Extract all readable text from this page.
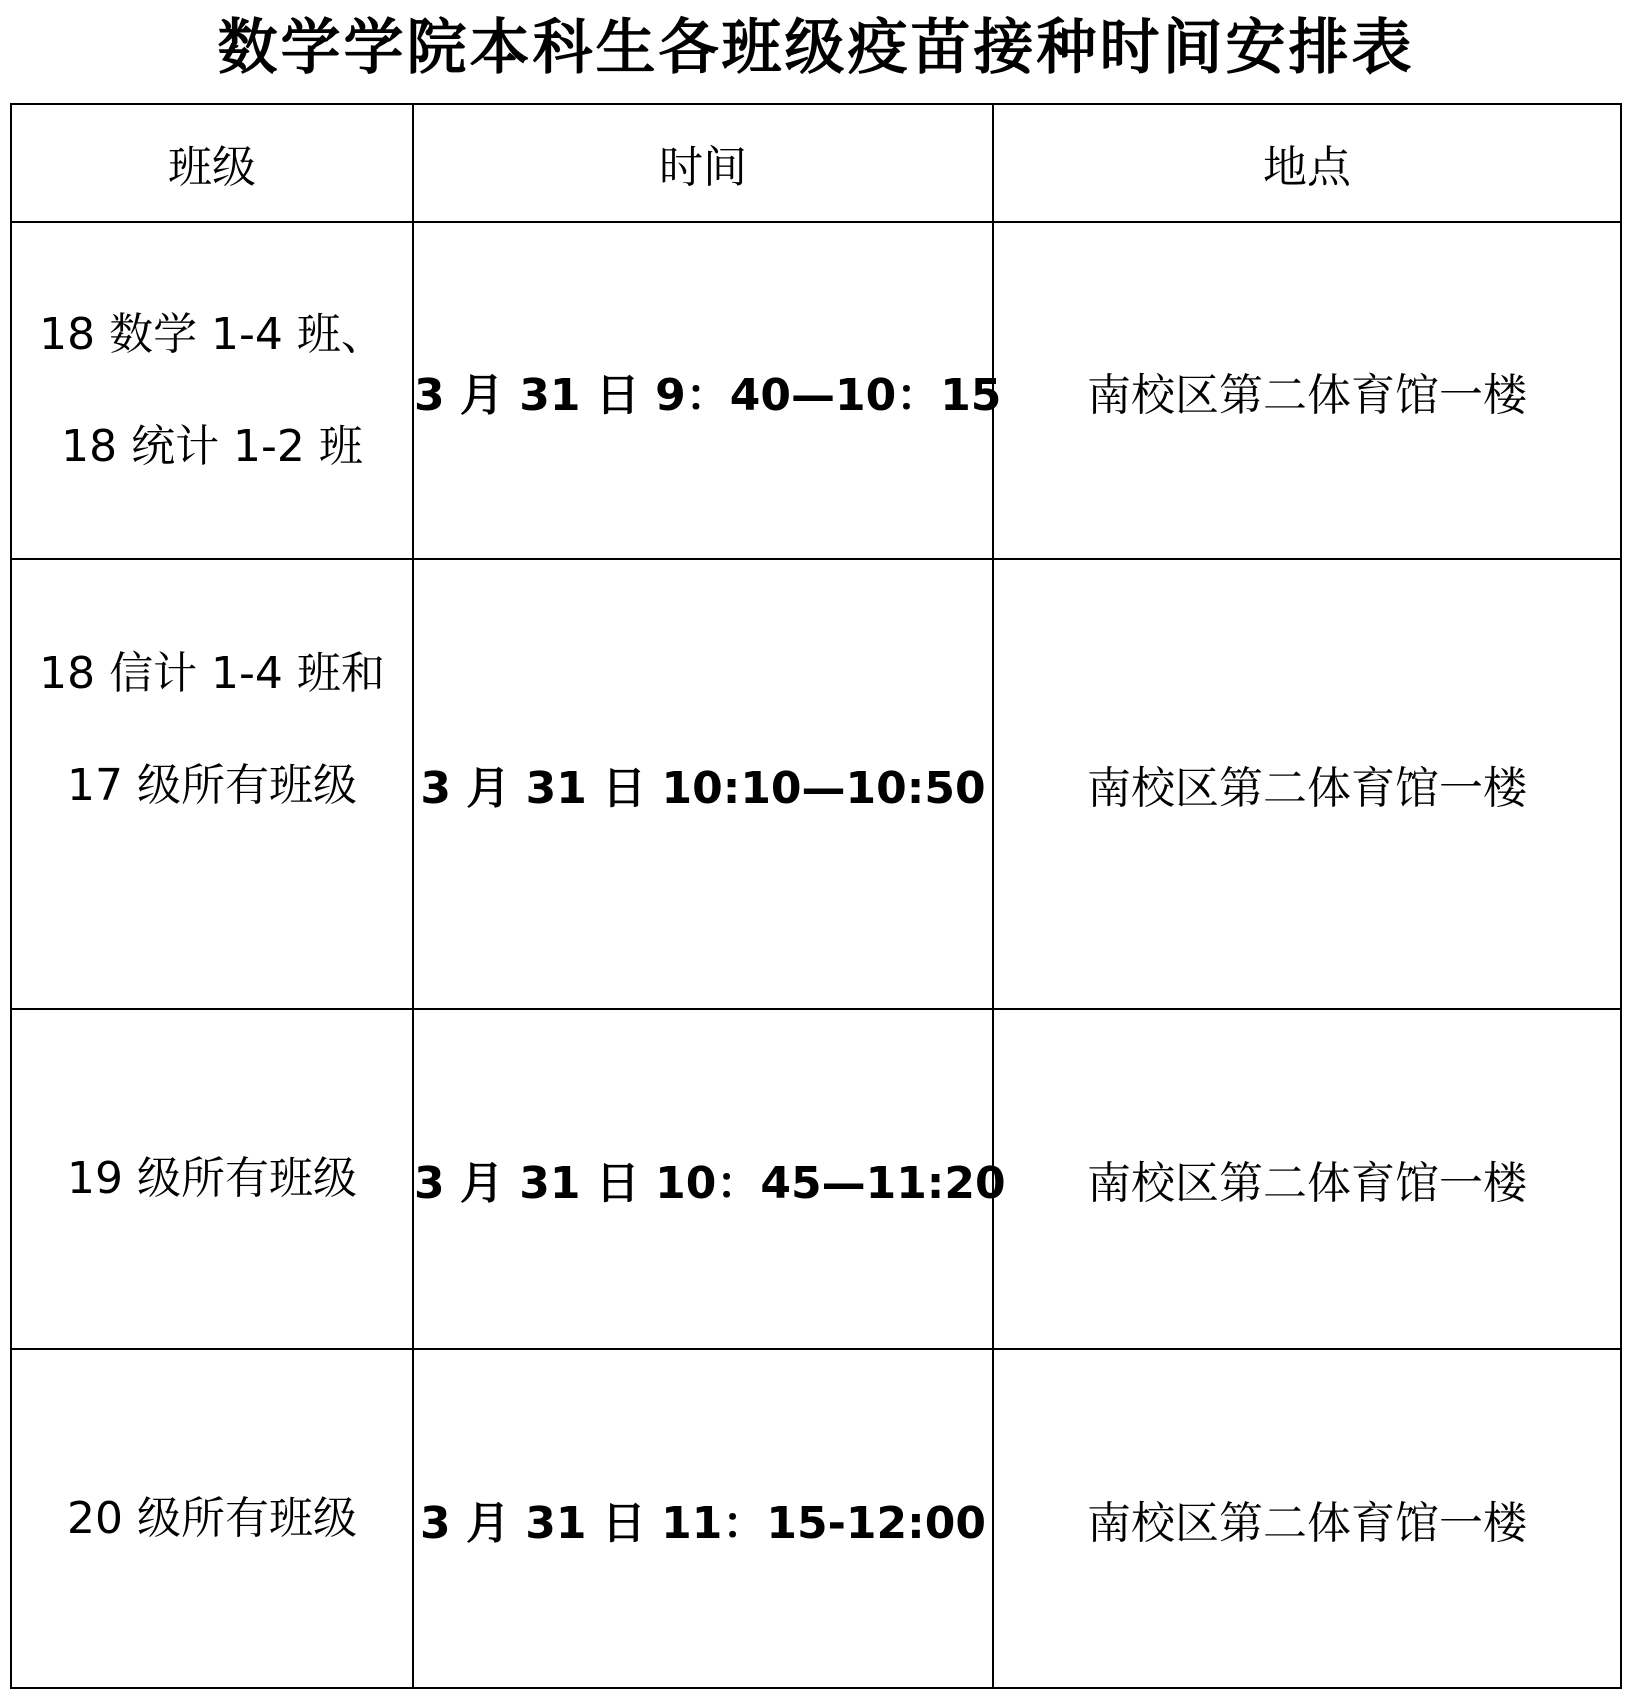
数学学院本科生各班级疫苗接种时间安排表
班级	时间	地点

18 数学 1-4 班、
18 统计 1-2 班	3 月 31 日 9：40—10：15	南校区第二体育馆一楼

18 信计 1-4 班和
17 级所有班级	3 月 31 日 10:10—10:50	南校区第二体育馆一楼

19 级所有班级	3 月 31 日 10：45—11:20	南校区第二体育馆一楼

20 级所有班级	3 月 31 日 11：15-12:00	南校区第二体育馆一楼
